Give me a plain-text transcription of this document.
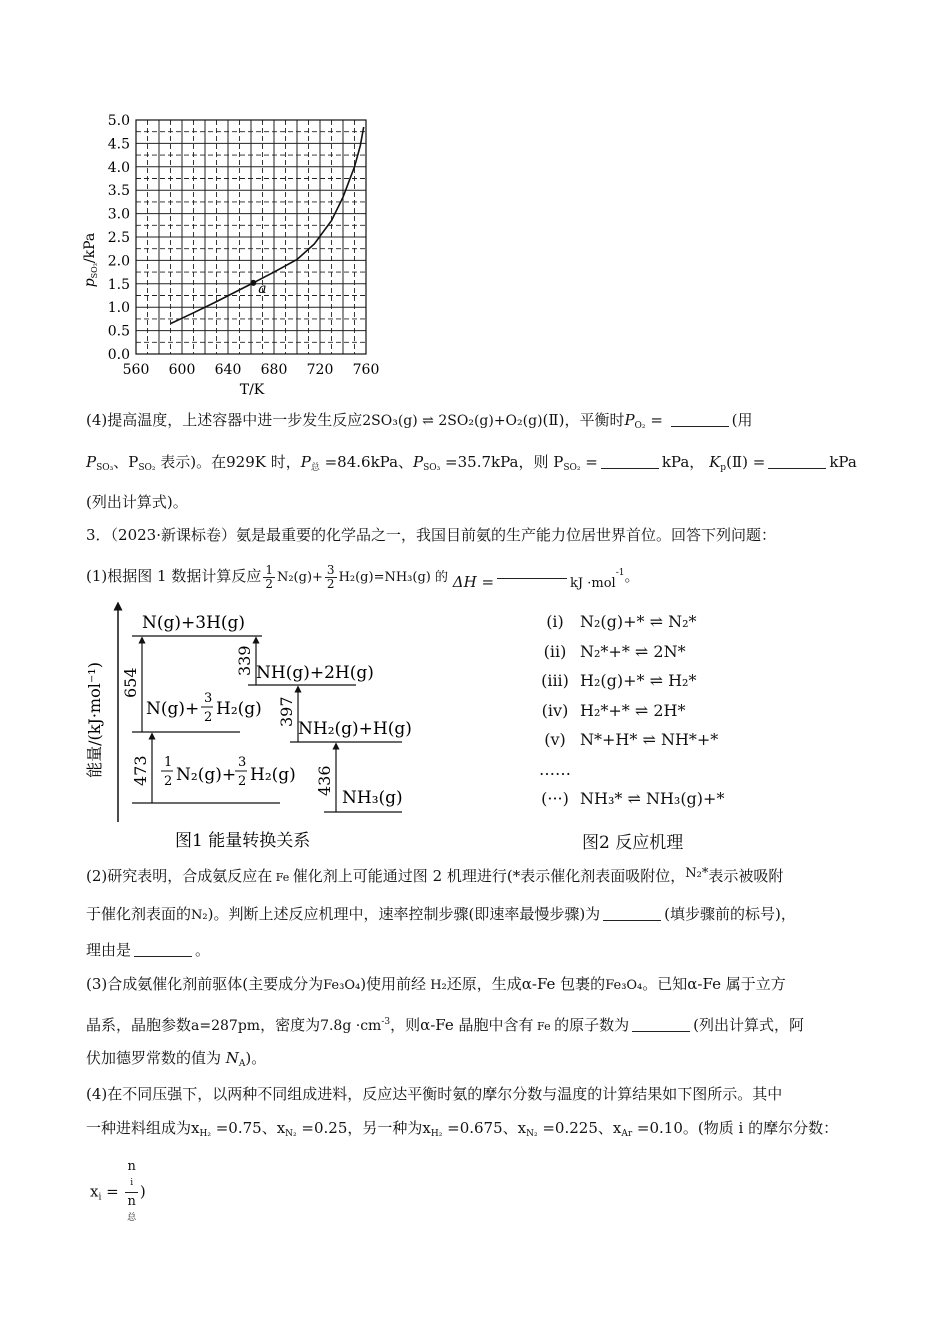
5.0
4.5
4.0
3.5
3.0
2.5
2.0
1.5
1.0
0.5
0.0
560 600 640 680 720 760
a
$p_{SO_3}$/kPa
T/K
(4)提高温度，上述容器中进一步发生反应2SO₃(g) ⇌ 2SO₂(g)+O₂(g)(Ⅱ)，平衡时$P_{O_2}$ =	(用
$P_{SO_3}$、$P_{SO_2}$ 表示)。在929K 时，$P_总 =84.6kPa$、$P_{SO_3} =35.7kPa$，则 $P_{SO_2}$ =	kPa， $K_p(Ⅱ)$ =	kPa
(列出计算式)。
3．（2023·新课标卷）氨是最重要的化学品之一，我国目前氨的生产能力位居世界首位。回答下列问题：
(1)根据图 1 数据计算反应 $\frac{1}{2} N_2(g)+ \frac{3}{2} H_2(g)=NH_3(g)$ 的 ΔH =	kJ ·mol$^{-1}$。
能量/(kJ·mol⁻¹)
N(g)+3H(g)
NH(g)+2H(g)
NH₂(g)+H(g)
N(g)+
3
2 H₂(g)
1
2 N₂(g)+
3
2 H₂(g)
NH₃(g)
654
339
397
473	436
图1 能量转换关系
(i) N₂(g)+* ⇌ N₂*
(ii) N₂*+* ⇌ 2N*
(iii) H₂(g)+* ⇌ H₂*
(iv) H₂*+* ⇌ 2H*
(v) N*+H* ⇌ NH*+*
……
(···) NH₃* ⇌ NH₃(g)+*
图2 反应机理
(2)研究表明，合成氨反应在 Fe 催化剂上可能通过图 2 机理进行(*表示催化剂表面吸附位，N₂*表示被吸附
于催化剂表面的N₂)。判断上述反应机理中，速率控制步骤(即速率最慢步骤)为	(填步骤前的标号)，
理由是	。
(3)合成氨催化剂前驱体(主要成分为Fe₃O₄)使用前经 H₂还原，生成α-Fe 包裹的Fe₃O₄。已知α-Fe 属于立方
晶系，晶胞参数a=287pm，密度为$7.8g \cdot cm^{-3}$，则α-Fe 晶胞中含有 Fe 的原子数为	(列出计算式，阿
伏加德罗常数的值为 $N_A$)。
(4)在不同压强下，以两种不同组成进料，反应达平衡时氨的摩尔分数与温度的计算结果如下图所示。其中
一种进料组成为$x_{H_2} =0.75$、$x_{N_2} =0.25$，另一种为$x_{H_2} =0.675$、$x_{N_2} =0.225$、$x_{Ar} =0.10$。(物质 i 的摩尔分数：
$x_i = n$
i
n
总 )
